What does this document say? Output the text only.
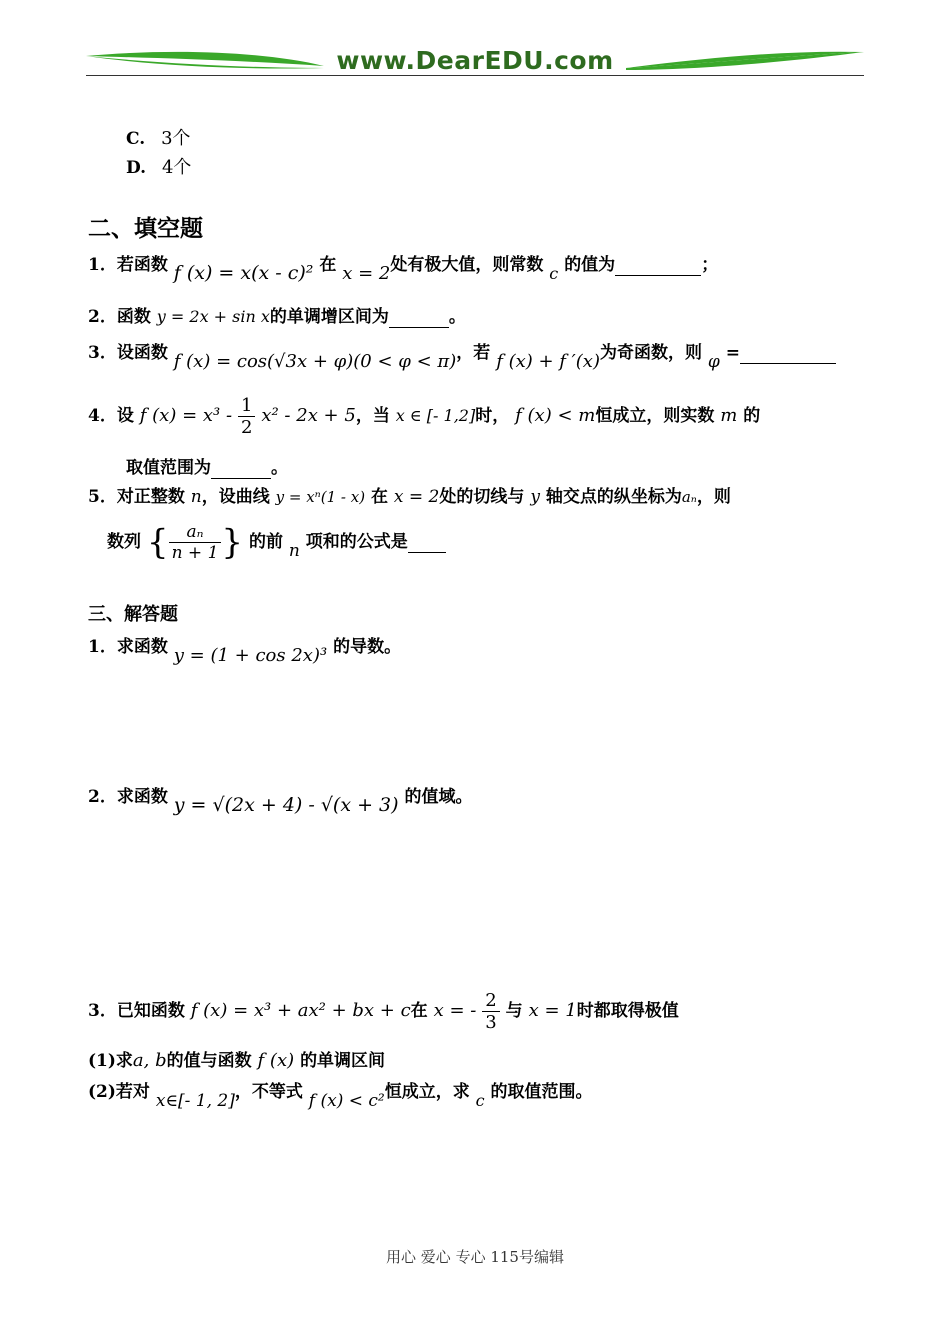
www.DearEDU.com
C. 3个
D. 4个
二、填空题
1．若函数 f (x) = x(x - c)² 在 x = 2处有极大值，则常数 c 的值为	；
2．函数 y = 2x + sin x的单调增区间为	。
3．设函数 f (x) = cos(√3x + φ)(0 < φ < π)，若 f (x) + f ′(x)为奇函数，则 φ =
4．设 f $(x) = x^3 - \frac{1}{2} x^2 - 2x + 5$，当 x ∈ [- 1,2]时， f (x) < m恒成立，则实数 m 的
取值范围为	。
5．对正整数 n，设曲线 y = xⁿ(1 - x) 在 x = 2处的切线与 y 轴交点的纵坐标为aₙ，则
数列 { $\frac{\text{aₙ}}{n + 1}$ } 的前 n 项和的公式是
三、解答题
1．求函数 y = (1 + cos 2x)³ 的导数。
2．求函数 y = √(2x + 4) - √(x + 3) 的值域。
3．已知函数 f (x) = x³ + ax² + bx + c在 x = - $\frac{2}{3}$ 与 x = 1时都取得极值
(1)求a, b的值与函数 f (x) 的单调区间
(2)若对 x∈[- 1, 2]，不等式 f (x) < c²恒成立，求 c 的取值范围。
用心 爱心 专心 115号编辑
